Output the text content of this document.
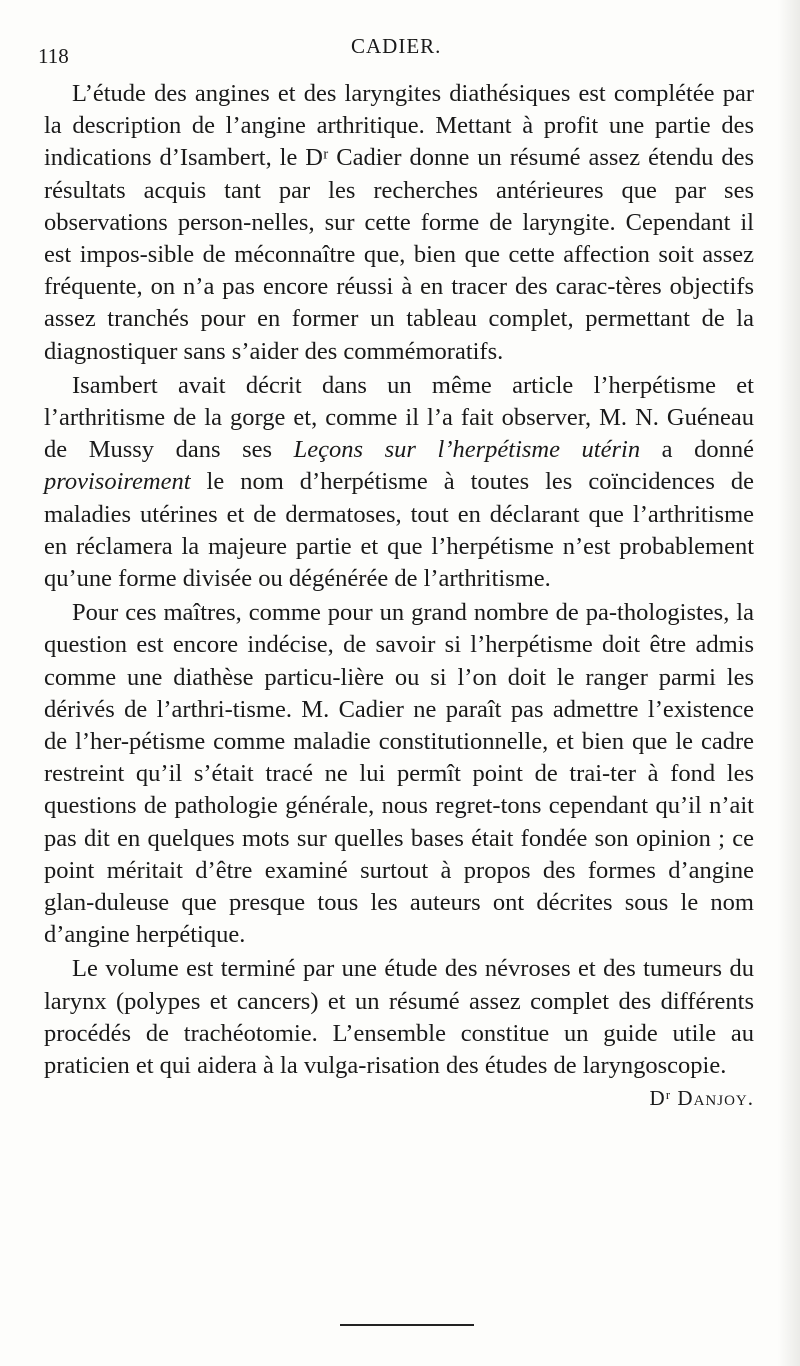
118	CADIER.

L’étude des angines et des laryngites diathésiques est complétée par la description de l’angine arthritique. Mettant à profit une partie des indications d’Isambert, le Dʳ Cadier donne un résumé assez étendu des résultats acquis tant par les recherches antérieures que par ses observations person-nelles, sur cette forme de laryngite. Cependant il est impos-sible de méconnaître que, bien que cette affection soit assez fréquente, on n’a pas encore réussi à en tracer des carac-tères objectifs assez tranchés pour en former un tableau complet, permettant de la diagnostiquer sans s’aider des commémoratifs.

Isambert avait décrit dans un même article l’herpétisme et l’arthritisme de la gorge et, comme il l’a fait observer, M. N. Guéneau de Mussy dans ses Leçons sur l’herpétisme utérin a donné provisoirement le nom d’herpétisme à toutes les coïncidences de maladies utérines et de dermatoses, tout en déclarant que l’arthritisme en réclamera la majeure partie et que l’herpétisme n’est probablement qu’une forme divisée ou dégénérée de l’arthritisme.

Pour ces maîtres, comme pour un grand nombre de pa-thologistes, la question est encore indécise, de savoir si l’herpétisme doit être admis comme une diathèse particu-lière ou si l’on doit le ranger parmi les dérivés de l’arthri-tisme. M. Cadier ne paraît pas admettre l’existence de l’her-pétisme comme maladie constitutionnelle, et bien que le cadre restreint qu’il s’était tracé ne lui permît point de trai-ter à fond les questions de pathologie générale, nous regret-tons cependant qu’il n’ait pas dit en quelques mots sur quelles bases était fondée son opinion ; ce point méritait d’être examiné surtout à propos des formes d’angine glan-duleuse que presque tous les auteurs ont décrites sous le nom d’angine herpétique.

Le volume est terminé par une étude des névroses et des tumeurs du larynx (polypes et cancers) et un résumé assez complet des différents procédés de trachéotomie. L’ensemble constitue un guide utile au praticien et qui aidera à la vulga-risation des études de laryngoscopie.
Dʳ Danjoy.
